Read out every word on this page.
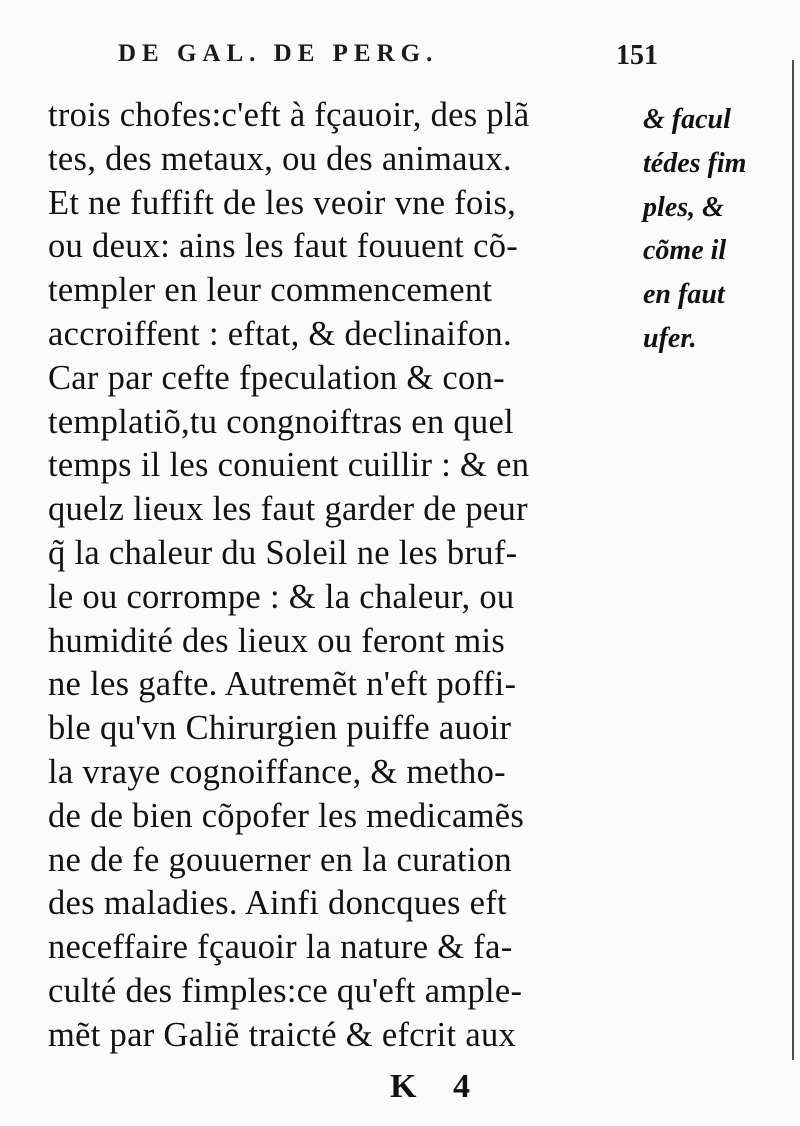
DE GAL. DE PERG.	151
trois chofes:c'eft à fçauoir, des plã
tes, des metaux, ou des animaux.
Et ne fuffift de les veoir vne fois,
ou deux: ains les faut fouuent cõ-
templer en leur commencement
accroiffent : eftat, & declinaifon.
Car par cefte fpeculation & con-
templatiõ,tu congnoiftras en quel
temps il les conuient cuillir : & en
quelz lieux les faut garder de peur
q̃ la chaleur du Soleil ne les bruf-
le ou corrompe : & la chaleur, ou
humidité des lieux ou feront mis
ne les gafte. Autremẽt n'eft poffi-
ble qu'vn Chirurgien puiffe auoir
la vraye cognoiffance, & metho-
de de bien cõpofer les medicamẽs
ne de fe gouuerner en la curation
des maladies. Ainfi doncques eft
neceffaire fçauoir la nature & fa-
culté des fimples:ce qu'eft ample-
mẽt par Galiẽ traicté & efcrit aux
& facul
tédes fim
ples, &
cõme il
en faut
ufer.
K 4
